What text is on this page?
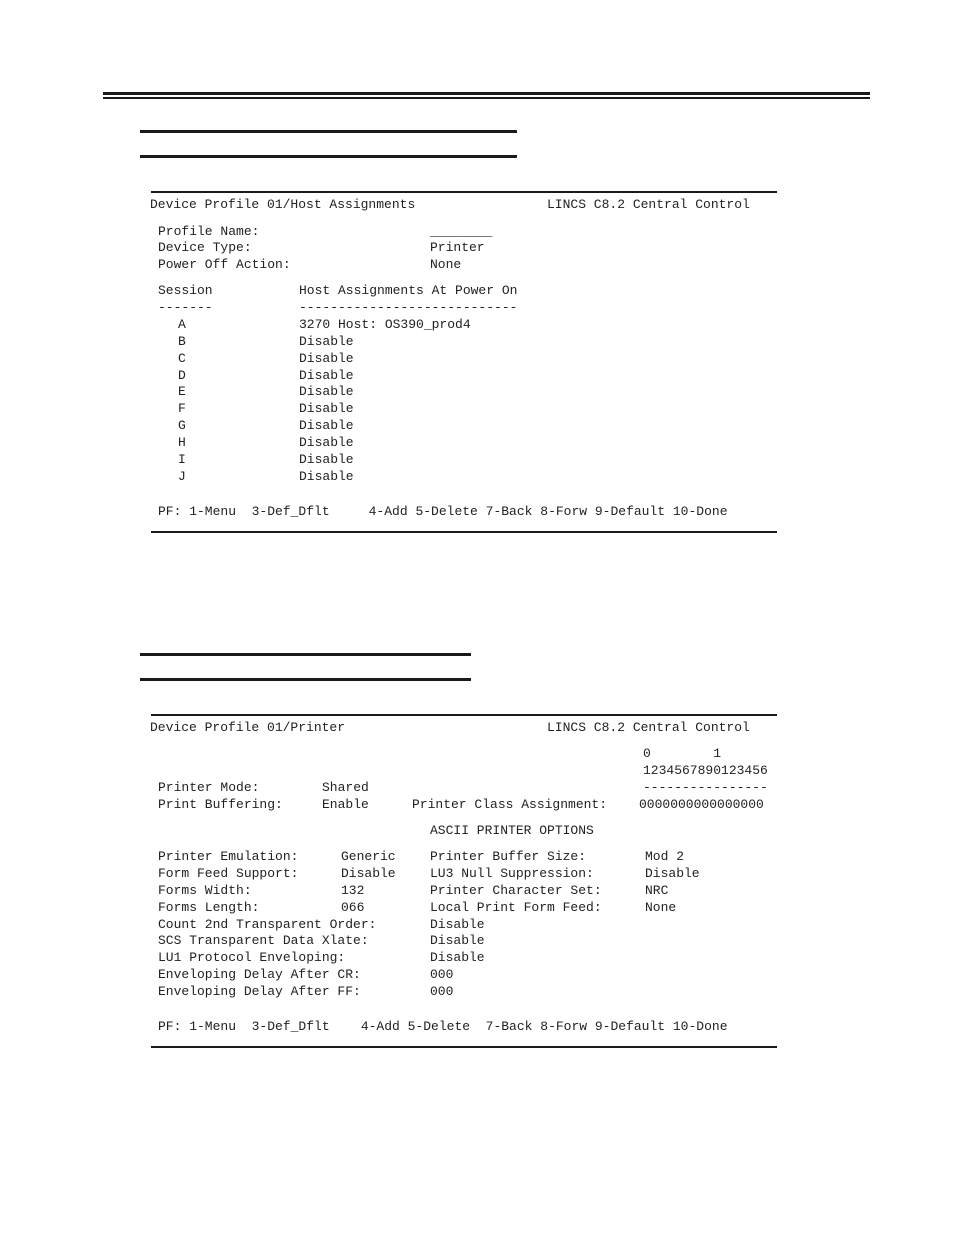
Device Profile 01/Host Assignments	LINCS C8.2 Central Control
Profile Name:	________
Device Type:	Printer
Power Off Action:	None
Session	Host Assignments At Power On
-------	----------------------------
A	3270 Host: OS390_prod4
B	Disable
C	Disable
D	Disable
E	Disable
F	Disable
G	Disable
H	Disable
I	Disable
J	Disable
PF: 1-Menu  3-Def_Dflt     4-Add 5-Delete 7-Back 8-Forw 9-Default 10-Done
Device Profile 01/Printer	LINCS C8.2 Central Control
0        1
1234567890123456
----------------
Printer Mode:	Shared
Print Buffering:	Enable	Printer Class Assignment: 0000000000000000
ASCII PRINTER OPTIONS
Printer Emulation:	Generic	Printer Buffer Size:	Mod 2
Form Feed Support:	Disable	LU3 Null Suppression:	Disable
Forms Width:	132	Printer Character Set:	NRC
Forms Length:	066	Local Print Form Feed:	None
Count 2nd Transparent Order:	Disable
SCS Transparent Data Xlate:	Disable
LU1 Protocol Enveloping:	Disable
Enveloping Delay After CR:	000
Enveloping Delay After FF:	000
PF: 1-Menu  3-Def_Dflt    4-Add 5-Delete  7-Back 8-Forw 9-Default 10-Done
